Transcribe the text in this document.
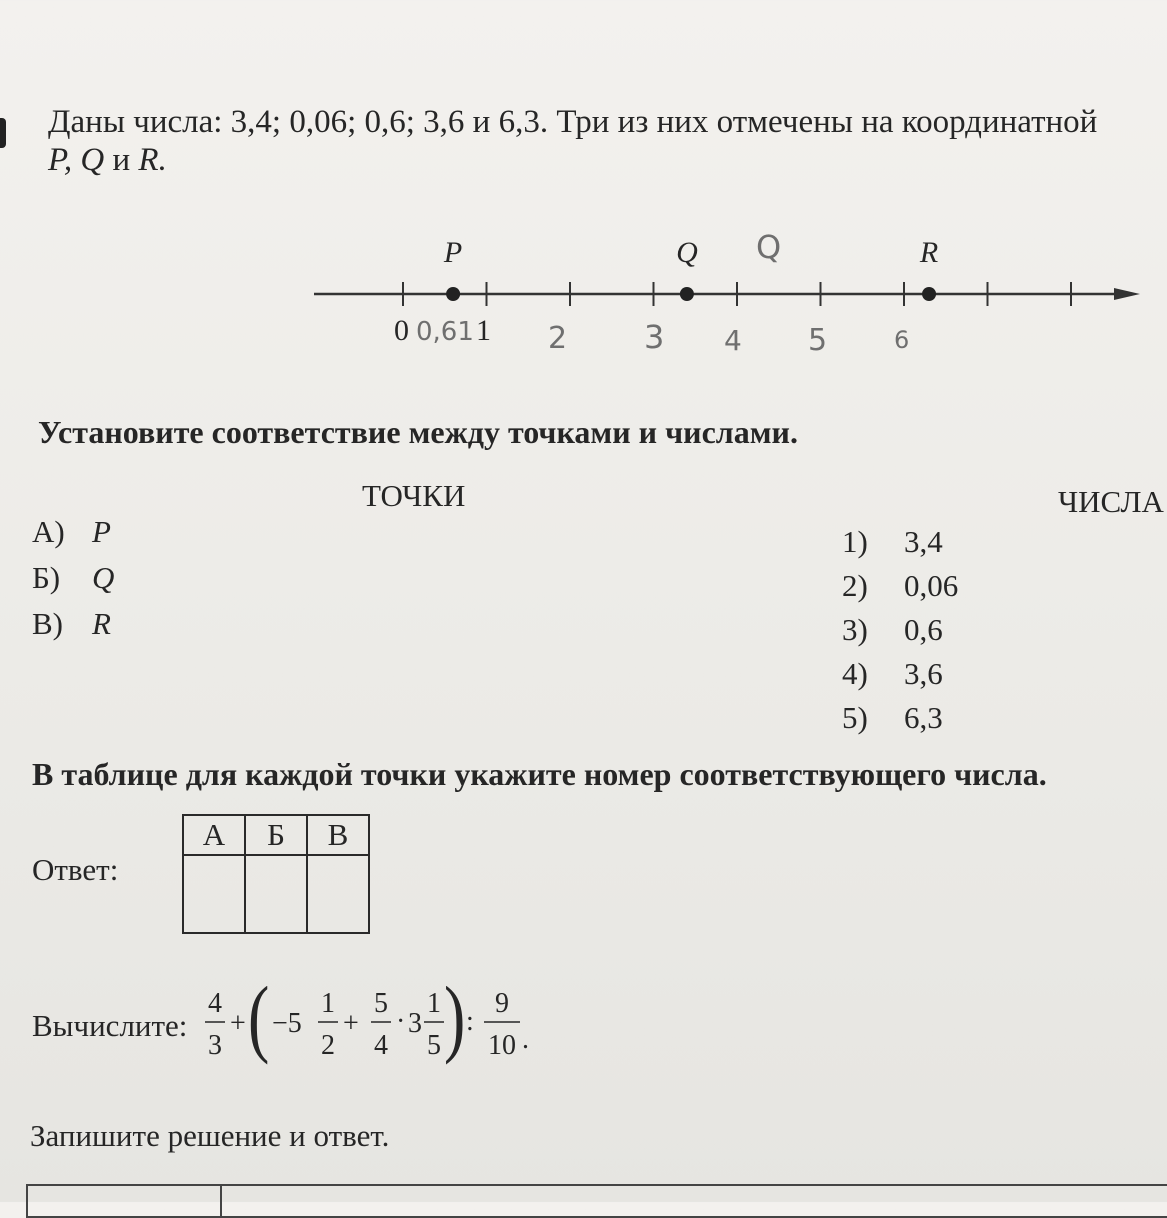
Даны числа: 3,4; 0,06; 0,6; 3,6 и 6,3. Три из них отмечены на координатной
P, Q и R.
P	Q	R
0 1
0,61 2 3 4 5	6
Q
Установите соответствие между точками и числами.
ТОЧКИ	ЧИСЛА
А) P
Б) Q
В) R
1) 3,4
2) 0,06
3) 0,6
4) 3,6
5) 6,3
В таблице для каждой точки укажите номер соответствующего числа.
Ответ:
А	Б	В

Вычислите:
4
3
+ ( −5
1
2
+
5
4
· 3
1
5 ) :
9
10 .
Запишите решение и ответ.
